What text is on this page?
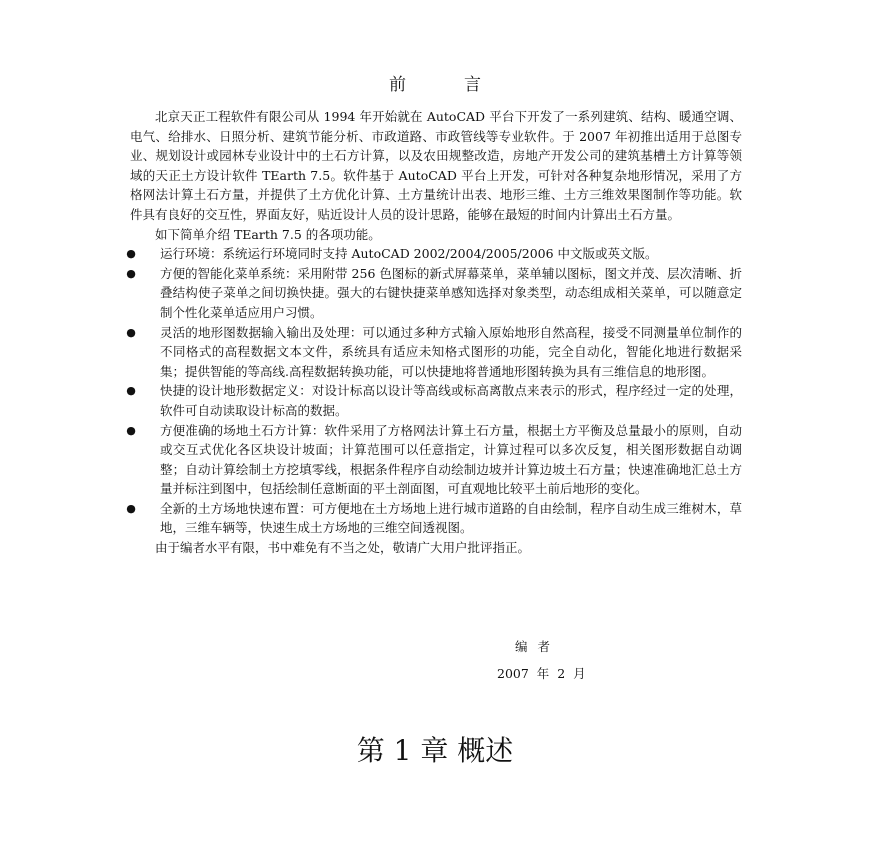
前言

北京天正工程软件有限公司从 1994 年开始就在 AutoCAD 平台下开发了一系列建筑、结构、暖通空调、电气、给排水、日照分析、建筑节能分析、市政道路、市政管线等专业软件。于 2007 年初推出适用于总图专业、规划设计或园林专业设计中的土石方计算，以及农田规整改造，房地产开发公司的建筑基槽土方计算等领域的天正土方设计软件 TEarth 7.5。软件基于 AutoCAD 平台上开发，可针对各种复杂地形情况，采用了方格网法计算土石方量，并提供了土方优化计算、土方量统计出表、地形三维、土方三维效果图制作等功能。软件具有良好的交互性，界面友好，贴近设计人员的设计思路，能够在最短的时间内计算出土石方量。

如下简单介绍 TEarth 7.5 的各项功能。

● 运行环境：系统运行环境同时支持 AutoCAD 2002/2004/2005/2006 中文版或英文版。
● 方便的智能化菜单系统：采用附带 256 色图标的新式屏幕菜单，菜单辅以图标，图文并茂、层次清晰、折叠结构使子菜单之间切换快捷。强大的右键快捷菜单感知选择对象类型，动态组成相关菜单，可以随意定制个性化菜单适应用户习惯。
● 灵活的地形图数据输入输出及处理：可以通过多种方式输入原始地形自然高程，接受不同测量单位制作的不同格式的高程数据文本文件，系统具有适应未知格式图形的功能，完全自动化，智能化地进行数据采集；提供智能的等高线.高程数据转换功能，可以快捷地将普通地形图转换为具有三维信息的地形图。
● 快捷的设计地形数据定义：对设计标高以设计等高线或标高离散点来表示的形式，程序经过一定的处理，软件可自动读取设计标高的数据。
● 方便准确的场地土石方计算：软件采用了方格网法计算土石方量，根据土方平衡及总量最小的原则，自动或交互式优化各区块设计坡面；计算范围可以任意指定，计算过程可以多次反复，相关图形数据自动调整；自动计算绘制土方挖填零线，根据条件程序自动绘制边坡并计算边坡土石方量；快速准确地汇总土方量并标注到图中，包括绘制任意断面的平土剖面图，可直观地比较平土前后地形的变化。
● 全新的土方场地快速布置：可方便地在土方场地上进行城市道路的自由绘制，程序自动生成三维树木，草地，三维车辆等，快速生成土方场地的三维空间透视图。

由于编者水平有限，书中难免有不当之处，敬请广大用户批评指正。

编者
2007 年 2 月
第 1 章 概述
